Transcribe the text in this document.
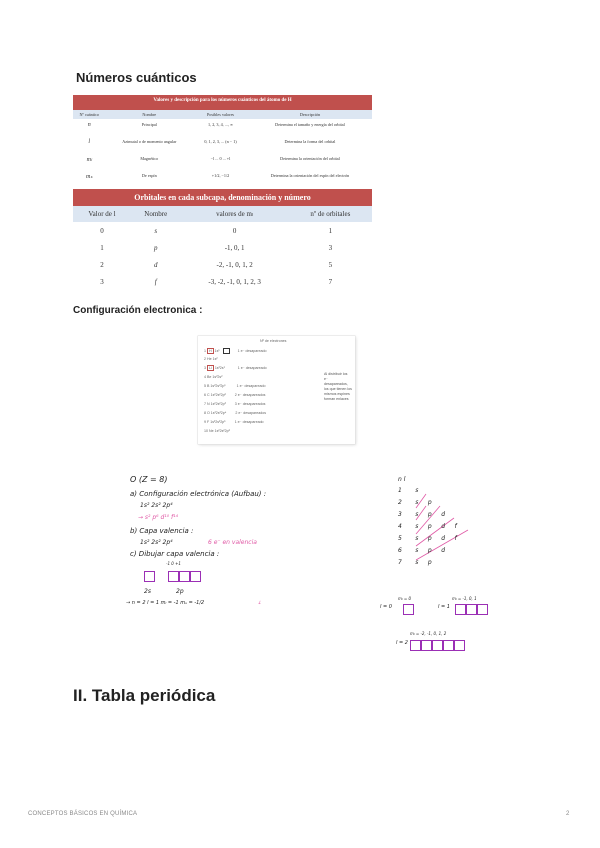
Números cuánticos
Valores y descripción para los números cuánticos del átomo de H			
Nº cuántico	Nombre	Posibles valores	Descripción
n	Principal	1, 2, 3, 4, ..., ∞	Determina el tamaño y energía del orbital
l	Azimutal o de momento angular	0, 1, 2, 3, ... (n − 1)	Determina la forma del orbital
mₗ	Magnético	−l ... 0 ... +l	Determina la orientación del orbital
mₛ	De espín	+1/2, −1/2	Determina la orientación del espín del electrón
Orbitales en cada subcapa, denominación y número			
Valor de l	Nombre	valores de mₗ	nº de orbitales
0	s	0	1
1	p	-1, 0, 1	3
2	d	-2, -1, 0, 1, 2	5
3	f	-3, -2, -1, 0, 1, 2, 3	7
Configuración electronica :
Nº de electrones
1 H 1s¹	1 e⁻ desapareado
2 He 1s²
3 Li 1s²2s¹	1 e⁻ desapareado
4 Be 1s²2s²
5 B 1s²2s²2p¹	1 e⁻ desapareado
6 C 1s²2s²2p²	2 e⁻ desapareados
7 N 1s²2s²2p³	3 e⁻ desapareados
8 O 1s²2s²2p⁴	2 e⁻ desapareados
9 F 1s²2s²2p⁵	1 e⁻ desapareado
10 Ne 1s²2s²2p⁶
Al distribuir los e⁻ desapareados, los que tienen los mismos espines forman enlaces
O (Z = 8)
a) Configuración electrónica (Aufbau) :
1s² 2s² 2p⁴
→ s² p⁶ d¹⁰ f¹⁴
b) Capa valencia :
1s² 2s² 2p⁴	6 e⁻ en valencia
c) Dibujar capa valencia :
-1 0 +1

2s	2p
→ n = 2 l = 1 mₗ = -1 mₛ = -1/2	ↆ
n l
1 s
2 s p
3 s p d
4 s p d f
5 s p d f
6 s p d
7 s p
mₗ = 0	mₗ = -1, 0, 1
l = 0	l = 1
mₗ = -2, -1, 0, 1, 2
l = 2
II. Tabla periódica
CONCEPTOS BÁSICOS EN QUÍMICA	2
